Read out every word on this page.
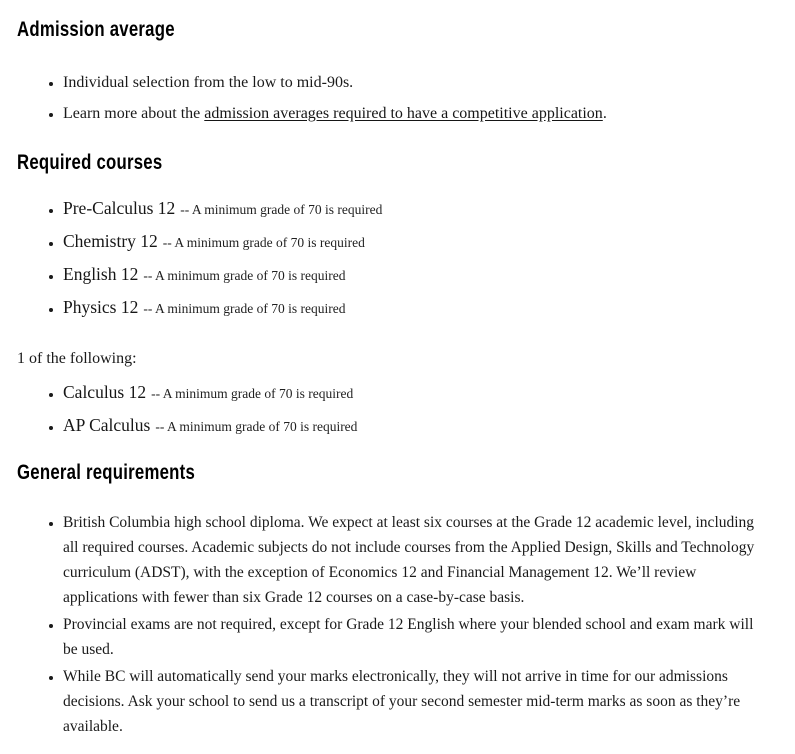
Admission average
• Individual selection from the low to mid-90s.
• Learn more about the admission averages required to have a competitive application.
Required courses
• Pre-Calculus 12 -- A minimum grade of 70 is required
• Chemistry 12 -- A minimum grade of 70 is required
• English 12 -- A minimum grade of 70 is required
• Physics 12 -- A minimum grade of 70 is required

1 of the following:

• Calculus 12 -- A minimum grade of 70 is required
• AP Calculus -- A minimum grade of 70 is required
General requirements
• British Columbia high school diploma. We expect at least six courses at the Grade 12 academic level, including all required courses. Academic subjects do not include courses from the Applied Design, Skills and Technology curriculum (ADST), with the exception of Economics 12 and Financial Management 12. We’ll review applications with fewer than six Grade 12 courses on a case-by-case basis.
• Provincial exams are not required, except for Grade 12 English where your blended school and exam mark will be used.
• While BC will automatically send your marks electronically, they will not arrive in time for our admissions decisions. Ask your school to send us a transcript of your second semester mid-term marks as soon as they’re available.
